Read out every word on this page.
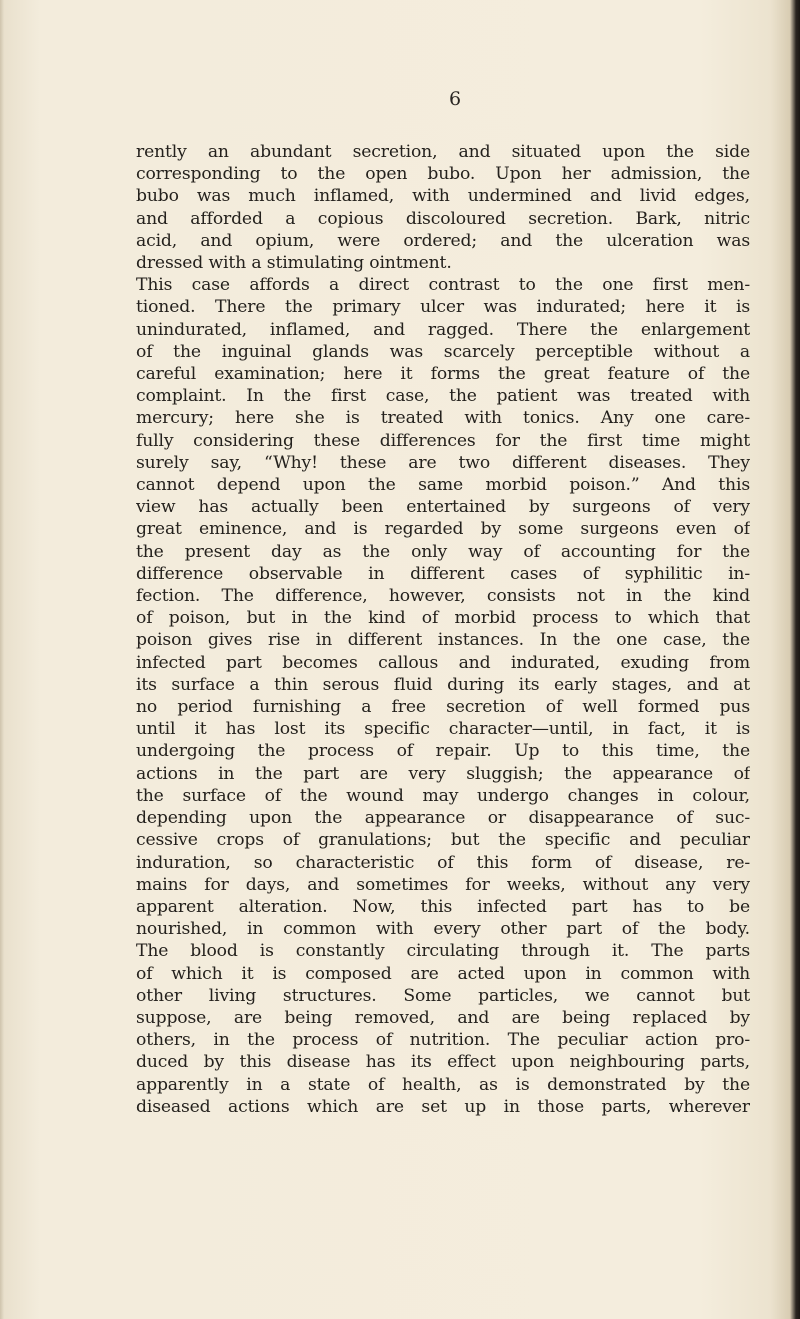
6
rently an abundant secretion, and situated upon the side
corresponding to the open bubo. Upon her admission, the
bubo was much inflamed, with undermined and livid edges,
and afforded a copious discoloured secretion. Bark, nitric
acid, and opium, were ordered; and the ulceration was
dressed with a stimulating ointment.
This case affords a direct contrast to the one first men-
tioned. There the primary ulcer was indurated; here it is
unindurated, inflamed, and ragged. There the enlargement
of the inguinal glands was scarcely perceptible without a
careful examination; here it forms the great feature of the
complaint. In the first case, the patient was treated with
mercury; here she is treated with tonics. Any one care-
fully considering these differences for the first time might
surely say, “Why! these are two different diseases. They
cannot depend upon the same morbid poison.” And this
view has actually been entertained by surgeons of very
great eminence, and is regarded by some surgeons even of
the present day as the only way of accounting for the
difference observable in different cases of syphilitic in-
fection. The difference, however, consists not in the kind
of poison, but in the kind of morbid process to which that
poison gives rise in different instances. In the one case, the
infected part becomes callous and indurated, exuding from
its surface a thin serous fluid during its early stages, and at
no period furnishing a free secretion of well formed pus
until it has lost its specific character—until, in fact, it is
undergoing the process of repair. Up to this time, the
actions in the part are very sluggish; the appearance of
the surface of the wound may undergo changes in colour,
depending upon the appearance or disappearance of suc-
cessive crops of granulations; but the specific and peculiar
induration, so characteristic of this form of disease, re-
mains for days, and sometimes for weeks, without any very
apparent alteration. Now, this infected part has to be
nourished, in common with every other part of the body.
The blood is constantly circulating through it. The parts
of which it is composed are acted upon in common with
other living structures. Some particles, we cannot but
suppose, are being removed, and are being replaced by
others, in the process of nutrition. The peculiar action pro-
duced by this disease has its effect upon neighbouring parts,
apparently in a state of health, as is demonstrated by the
diseased actions which are set up in those parts, wherever
